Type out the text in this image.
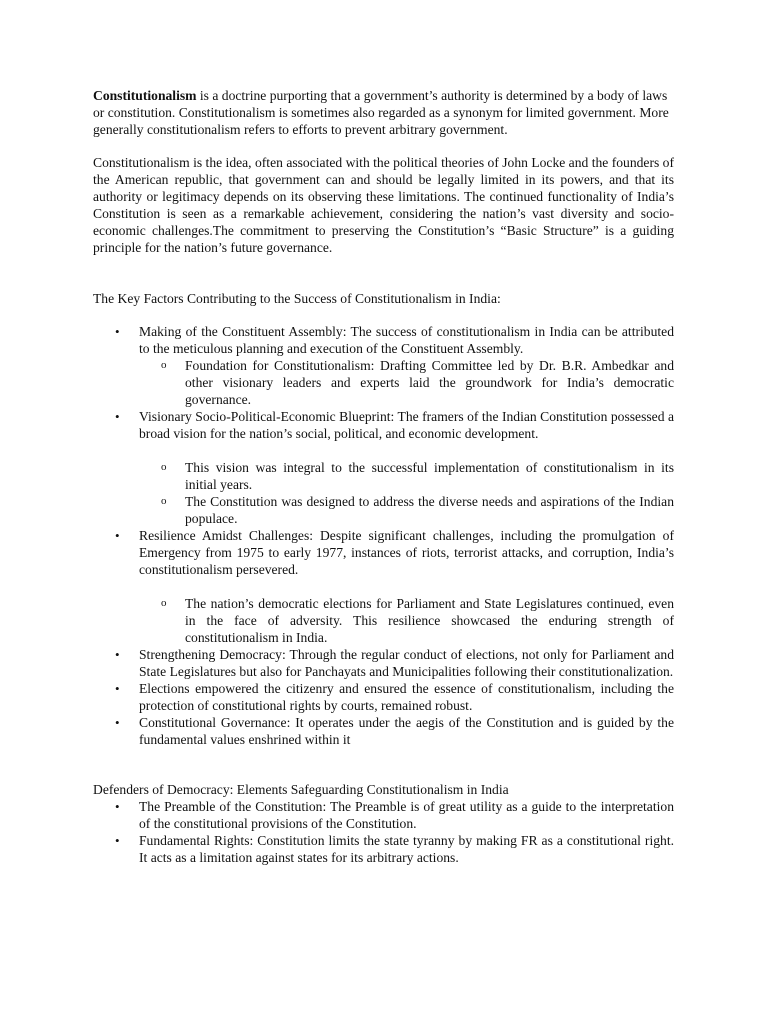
Constitutionalism is a doctrine purporting that a government’s authority is determined by a body of laws or constitution. Constitutionalism is sometimes also regarded as a synonym for limited government. More generally constitutionalism refers to efforts to prevent arbitrary government.

Constitutionalism is the idea, often associated with the political theories of John Locke and the founders of the American republic, that government can and should be legally limited in its powers, and that its authority or legitimacy depends on its observing these limitations. The continued functionality of India’s Constitution is seen as a remarkable achievement, considering the nation’s vast diversity and socio-economic challenges.The commitment to preserving the Constitution’s “Basic Structure” is a guiding principle for the nation’s future governance.

The Key Factors Contributing to the Success of Constitutionalism in India:

• Making of the Constituent Assembly: The success of constitutionalism in India can be attributed to the meticulous planning and execution of the Constituent Assembly.
o Foundation for Constitutionalism: Drafting Committee led by Dr. B.R. Ambedkar and other visionary leaders and experts laid the groundwork for India’s democratic governance.
• Visionary Socio-Political-Economic Blueprint: The framers of the Indian Constitution possessed a broad vision for the nation’s social, political, and economic development.
o This vision was integral to the successful implementation of constitutionalism in its initial years.
o The Constitution was designed to address the diverse needs and aspirations of the Indian populace.
• Resilience Amidst Challenges: Despite significant challenges, including the promulgation of Emergency from 1975 to early 1977, instances of riots, terrorist attacks, and corruption, India’s constitutionalism persevered.
o The nation’s democratic elections for Parliament and State Legislatures continued, even in the face of adversity. This resilience showcased the enduring strength of constitutionalism in India.
• Strengthening Democracy: Through the regular conduct of elections, not only for Parliament and State Legislatures but also for Panchayats and Municipalities following their constitutionalization.
• Elections empowered the citizenry and ensured the essence of constitutionalism, including the protection of constitutional rights by courts, remained robust.
• Constitutional Governance: It operates under the aegis of the Constitution and is guided by the fundamental values enshrined within it

Defenders of Democracy: Elements Safeguarding Constitutionalism in India

• The Preamble of the Constitution: The Preamble is of great utility as a guide to the interpretation of the constitutional provisions of the Constitution.
• Fundamental Rights: Constitution limits the state tyranny by making FR as a constitutional right. It acts as a limitation against states for its arbitrary actions.
